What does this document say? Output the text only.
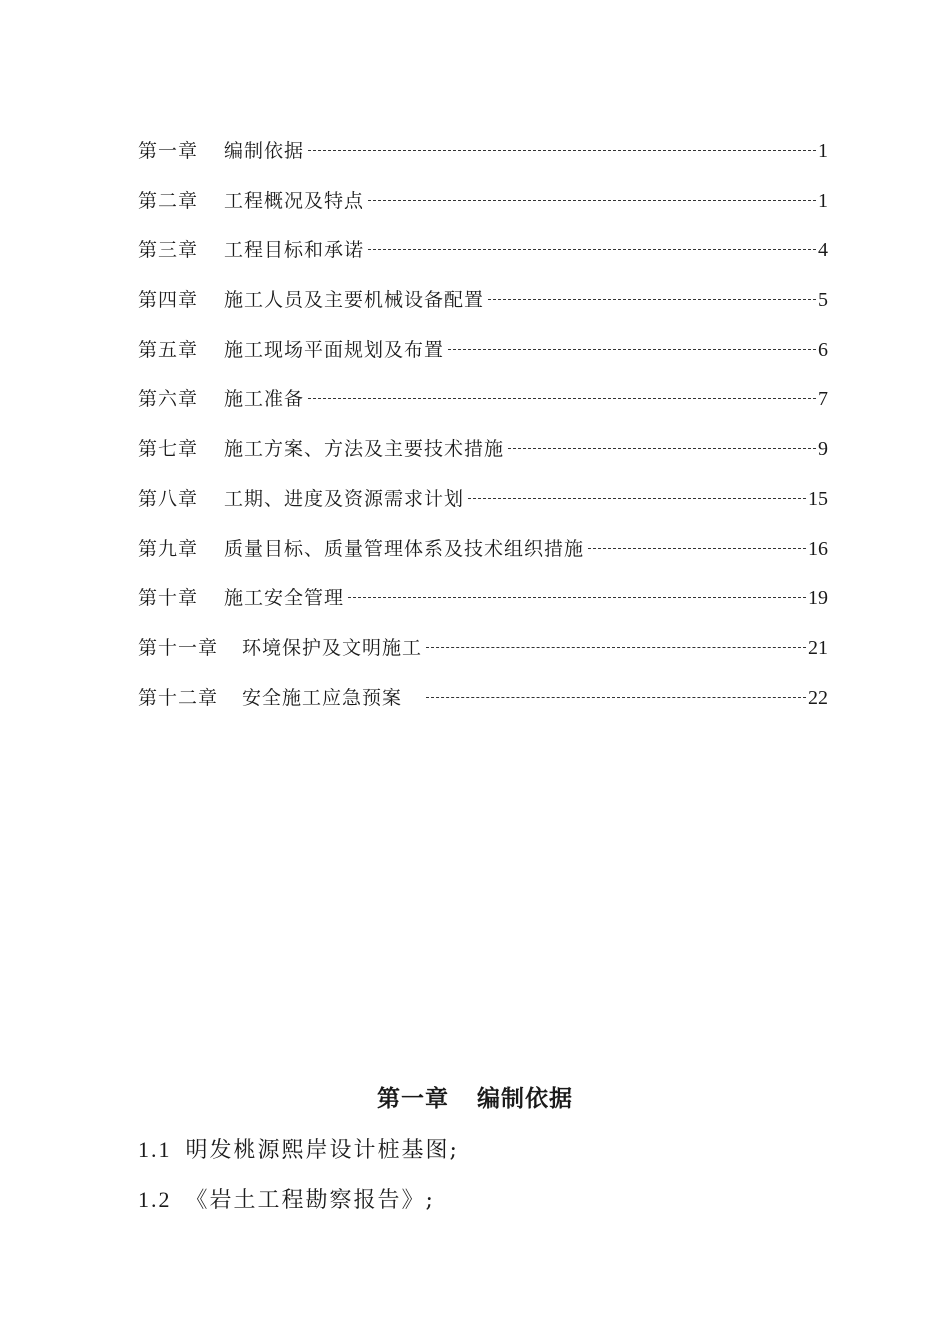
第一章 编制依据	1
第二章 工程概况及特点	1
第三章 工程目标和承诺	4
第四章 施工人员及主要机械设备配置	5
第五章 施工现场平面规划及布置	6
第六章 施工准备	7
第七章 施工方案、方法及主要技术措施	9
第八章 工期、进度及资源需求计划	15
第九章 质量目标、质量管理体系及技术组织措施	16
第十章 施工安全管理	19
第十一章 环境保护及文明施工	21
第十二章 安全施工应急预案	22
第一章 编制依据
1.1 明发桃源熙岸设计桩基图;
1.2 《岩土工程勘察报告》;
